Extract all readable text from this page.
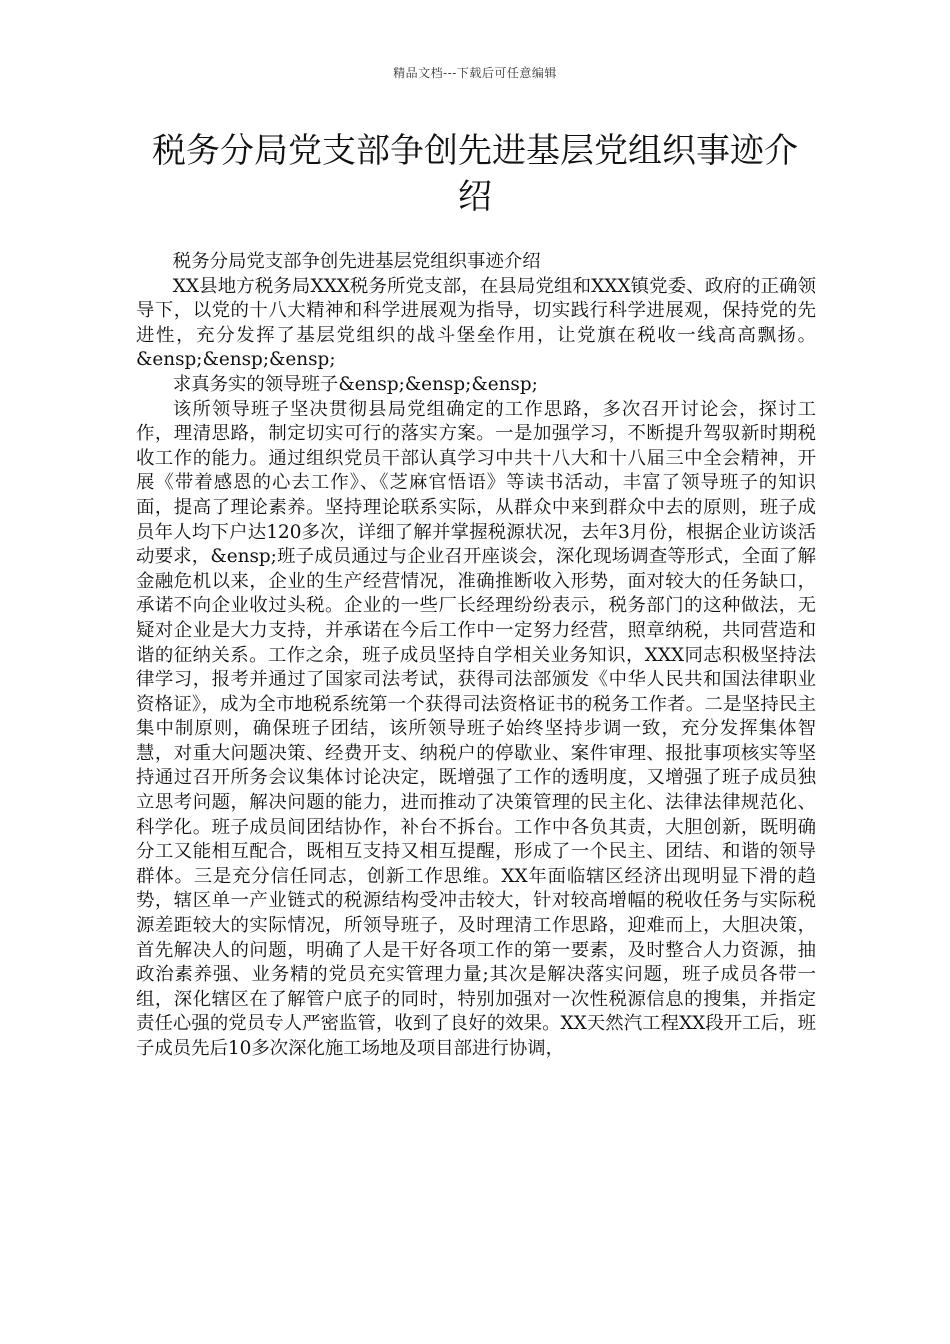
精品文档---下载后可任意编辑
税务分局党支部争创先进基层党组织事迹介绍

税务分局党支部争创先进基层党组织事迹介绍

XX县地方税务局XXX税务所党支部，在县局党组和XXX镇党委、政府的正确领导下，以党的十八大精神和科学进展观为指导，切实践行科学进展观，保持党的先进性，充分发挥了基层党组织的战斗堡垒作用，让党旗在税收一线高高飘扬。&ensp;&ensp;&ensp;

求真务实的领导班子&ensp;&ensp;&ensp;

该所领导班子坚决贯彻县局党组确定的工作思路，多次召开讨论会，探讨工作，理清思路，制定切实可行的落实方案。一是加强学习，不断提升驾驭新时期税收工作的能力。通过组织党员干部认真学习中共十八大和十八届三中全会精神，开展《带着感恩的心去工作》、《芝麻官悟语》等读书活动，丰富了领导班子的知识面，提高了理论素养。坚持理论联系实际，从群众中来到群众中去的原则，班子成员年人均下户达120多次，详细了解并掌握税源状况，去年3月份，根据企业访谈活动要求，&ensp;班子成员通过与企业召开座谈会，深化现场调查等形式，全面了解金融危机以来，企业的生产经营情况，准确推断收入形势，面对较大的任务缺口，承诺不向企业收过头税。企业的一些厂长经理纷纷表示，税务部门的这种做法，无疑对企业是大力支持，并承诺在今后工作中一定努力经营，照章纳税，共同营造和谐的征纳关系。工作之余，班子成员坚持自学相关业务知识，XXX同志积极坚持法律学习，报考并通过了国家司法考试，获得司法部颁发《中华人民共和国法律职业资格证》，成为全市地税系统第一个获得司法资格证书的税务工作者。二是坚持民主集中制原则，确保班子团结，该所领导班子始终坚持步调一致，充分发挥集体智慧，对重大问题决策、经费开支、纳税户的停歇业、案件审理、报批事项核实等坚持通过召开所务会议集体讨论决定，既增强了工作的透明度，又增强了班子成员独立思考问题，解决问题的能力，进而推动了决策管理的民主化、法律法律规范化、科学化。班子成员间团结协作，补台不拆台。工作中各负其责，大胆创新，既明确分工又能相互配合，既相互支持又相互提醒，形成了一个民主、团结、和谐的领导群体。三是充分信任同志，创新工作思维。XX年面临辖区经济出现明显下滑的趋势，辖区单一产业链式的税源结构受冲击较大，针对较高增幅的税收任务与实际税源差距较大的实际情况，所领导班子，及时理清工作思路，迎难而上，大胆决策，首先解决人的问题，明确了人是干好各项工作的第一要素，及时整合人力资源，抽政治素养强、业务精的党员充实管理力量;其次是解决落实问题，班子成员各带一组，深化辖区在了解管户底子的同时，特别加强对一次性税源信息的搜集，并指定责任心强的党员专人严密监管，收到了良好的效果。XX天然汽工程XX段开工后，班子成员先后10多次深化施工场地及项目部进行协调，
